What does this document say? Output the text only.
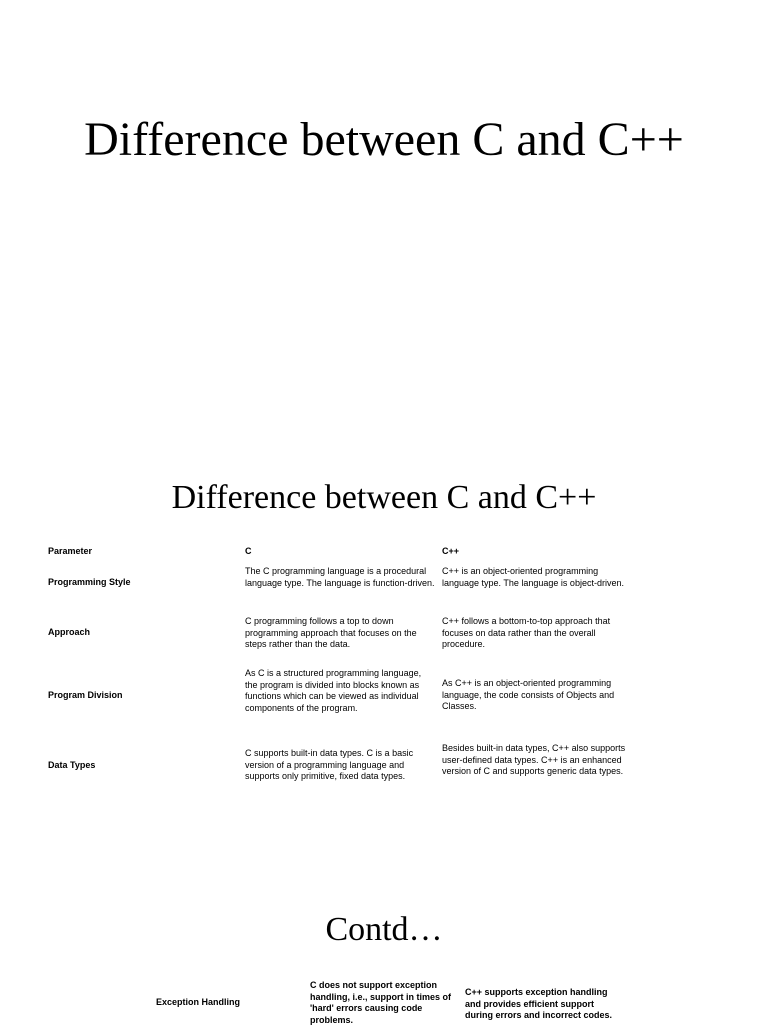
Difference between C and C++
Difference between C and C++
Parameter	C	C++
Programming Style
The C programming language is a procedural language type. The language is function-driven.
C++ is an object-oriented programming language type. The language is object-driven.
Approach
C programming follows a top to down programming approach that focuses on the steps rather than the data.
C++ follows a bottom-to-top approach that focuses on data rather than the overall procedure.
Program Division
As C is a structured programming language, the program is divided into blocks known as functions which can be viewed as individual components of the program.
As C++ is an object-oriented programming language, the code consists of Objects and Classes.
Data Types
C supports built-in data types. C is a basic version of a programming language and supports only primitive, fixed data types.
Besides built-in data types, C++ also supports user-defined data types. C++ is an enhanced version of C and supports generic data types.
Contd…
Exception Handling
C does not support exception handling, i.e., support in times of 'hard' errors causing code problems.
C++ supports exception handling and provides efficient support during errors and incorrect codes.
